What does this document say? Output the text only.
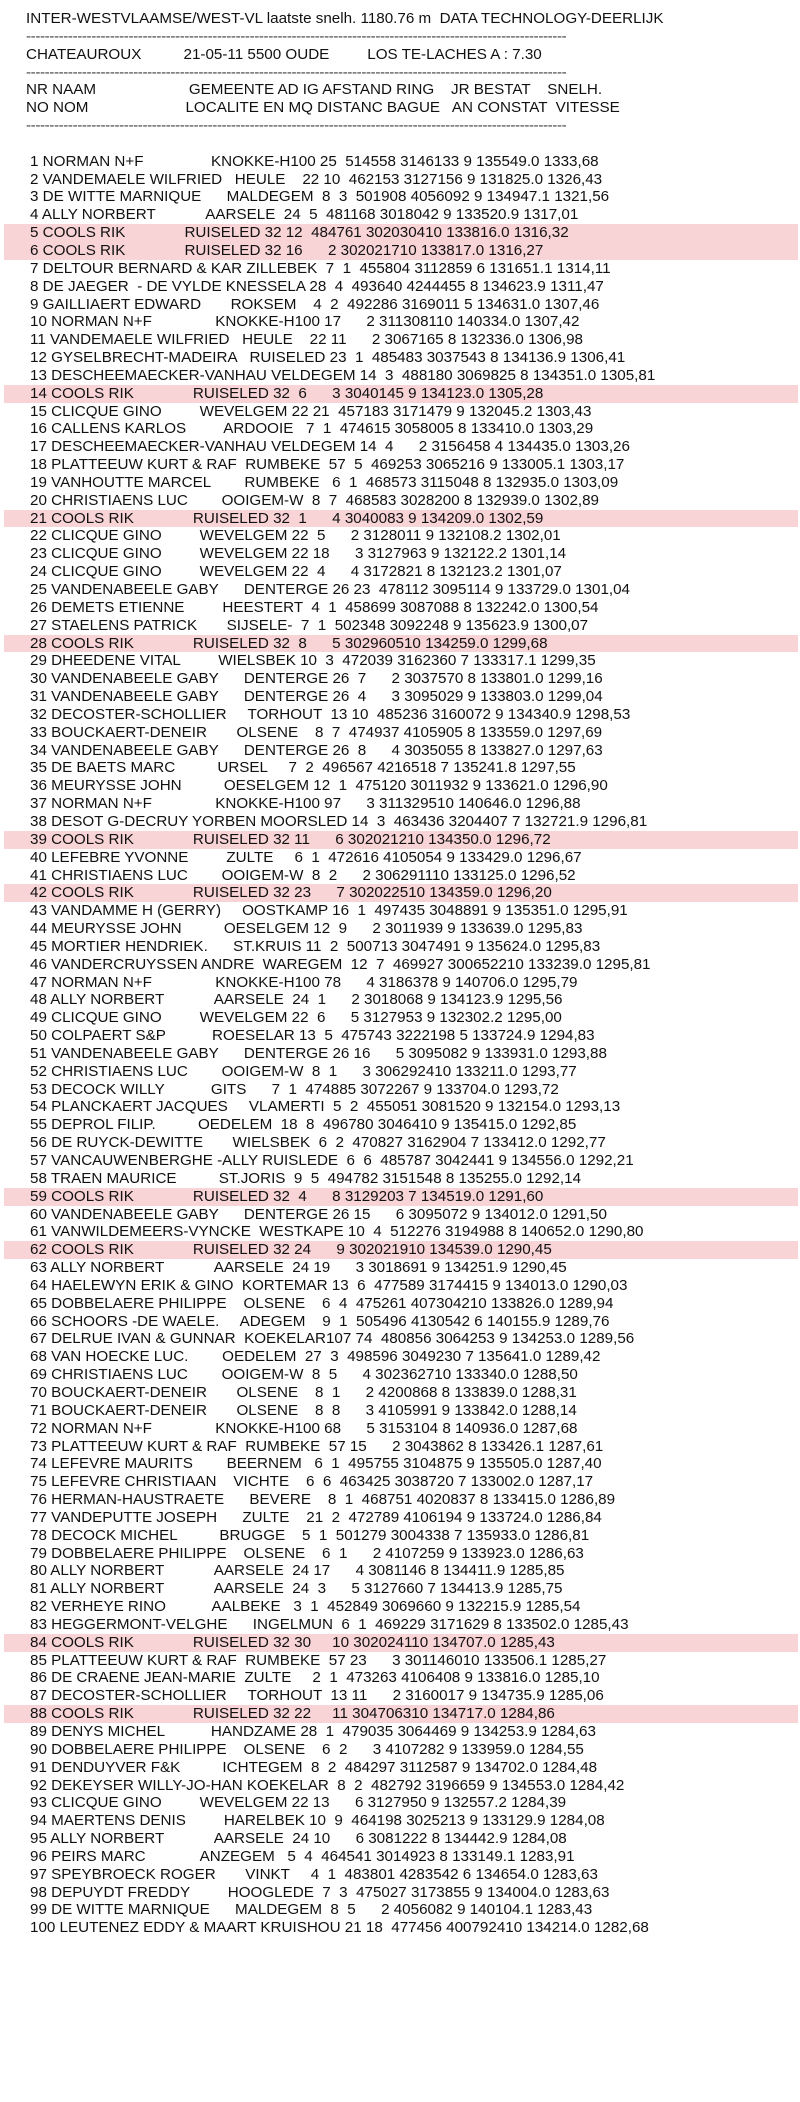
INTER-WESTVLAAMSE/WEST-VL laatste snelh. 1180.76 m  DATA TECHNOLOGY-DEERLIJK
--------------------------------------------------------------------------------------------------------------------
CHATEAUROUX          21-05-11 5500 OUDE         LOS TE-LACHES A : 7.30
--------------------------------------------------------------------------------------------------------------------
NR NAAM                      GEMEENTE AD IG AFSTAND RING    JR BESTAT    SNELH.
NO NOM                       LOCALITE EN MQ DISTANC BAGUE   AN CONSTAT  VITESSE
--------------------------------------------------------------------------------------------------------------------
1 NORMAN N+F                KNOKKE-H100 25  514558 3146133 9 135549.0 1333,68
2 VANDEMAELE WILFRIED   HEULE    22 10  462153 3127156 9 131825.0 1326,43
3 DE WITTE MARNIQUE      MALDEGEM  8  3  501908 4056092 9 134947.1 1321,56
4 ALLY NORBERT            AARSELE  24  5  481168 3018042 9 133520.9 1317,01
5 COOLS RIK              RUISELED 32 12  484761 302030410 133816.0 1316,32
6 COOLS RIK              RUISELED 32 16      2 302021710 133817.0 1316,27
7 DELTOUR BERNARD & KAR ZILLEBEK  7  1  455804 3112859 6 131651.1 1314,11
8 DE JAEGER  - DE VYLDE KNESSELA 28  4  493640 4244455 8 134623.9 1311,47
9 GAILLIAERT EDWARD       ROKSEM    4  2  492286 3169011 5 134631.0 1307,46
10 NORMAN N+F               KNOKKE-H100 17      2 311308110 140334.0 1307,42
11 VANDEMAELE WILFRIED   HEULE    22 11      2 3067165 8 132336.0 1306,98
12 GYSELBRECHT-MADEIRA   RUISELED 23  1  485483 3037543 8 134136.9 1306,41
13 DESCHEEMAECKER-VANHAU VELDEGEM 14  3  488180 3069825 8 134351.0 1305,81
14 COOLS RIK              RUISELED 32  6      3 3040145 9 134123.0 1305,28
15 CLICQUE GINO         WEVELGEM 22 21  457183 3171479 9 132045.2 1303,43
16 CALLENS KARLOS         ARDOOIE   7  1  474615 3058005 8 133410.0 1303,29
17 DESCHEEMAECKER-VANHAU VELDEGEM 14  4      2 3156458 4 134435.0 1303,26
18 PLATTEEUW KURT & RAF  RUMBEKE  57  5  469253 3065216 9 133005.1 1303,17
19 VANHOUTTE MARCEL        RUMBEKE   6  1  468573 3115048 8 132935.0 1303,09
20 CHRISTIAENS LUC        OOIGEM-W  8  7  468583 3028200 8 132939.0 1302,89
21 COOLS RIK              RUISELED 32  1      4 3040083 9 134209.0 1302,59
22 CLICQUE GINO         WEVELGEM 22  5      2 3128011 9 132108.2 1302,01
23 CLICQUE GINO         WEVELGEM 22 18      3 3127963 9 132122.2 1301,14
24 CLICQUE GINO         WEVELGEM 22  4      4 3172821 8 132123.2 1301,07
25 VANDENABEELE GABY      DENTERGE 26 23  478112 3095114 9 133729.0 1301,04
26 DEMETS ETIENNE         HEESTERT  4  1  458699 3087088 8 132242.0 1300,54
27 STAELENS PATRICK       SIJSELE-  7  1  502348 3092248 9 135623.9 1300,07
28 COOLS RIK              RUISELED 32  8      5 302960510 134259.0 1299,68
29 DHEEDENE VITAL         WIELSBEK 10  3  472039 3162360 7 133317.1 1299,35
30 VANDENABEELE GABY      DENTERGE 26  7      2 3037570 8 133801.0 1299,16
31 VANDENABEELE GABY      DENTERGE 26  4      3 3095029 9 133803.0 1299,04
32 DECOSTER-SCHOLLIER     TORHOUT  13 10  485236 3160072 9 134340.9 1298,53
33 BOUCKAERT-DENEIR       OLSENE    8  7  474937 4105905 8 133559.0 1297,69
34 VANDENABEELE GABY      DENTERGE 26  8      4 3035055 8 133827.0 1297,63
35 DE BAETS MARC          URSEL     7  2  496567 4216518 7 135241.8 1297,55
36 MEURYSSE JOHN          OESELGEM 12  1  475120 3011932 9 133621.0 1296,90
37 NORMAN N+F               KNOKKE-H100 97      3 311329510 140646.0 1296,88
38 DESOT G-DECRUY YORBEN MOORSLED 14  3  463436 3204407 7 132721.9 1296,81
39 COOLS RIK              RUISELED 32 11      6 302021210 134350.0 1296,72
40 LEFEBRE YVONNE         ZULTE     6  1  472616 4105054 9 133429.0 1296,67
41 CHRISTIAENS LUC        OOIGEM-W  8  2      2 306291110 133125.0 1296,52
42 COOLS RIK              RUISELED 32 23      7 302022510 134359.0 1296,20
43 VANDAMME H (GERRY)     OOSTKAMP 16  1  497435 3048891 9 135351.0 1295,91
44 MEURYSSE JOHN          OESELGEM 12  9      2 3011939 9 133639.0 1295,83
45 MORTIER HENDRIEK.      ST.KRUIS 11  2  500713 3047491 9 135624.0 1295,83
46 VANDERCRUYSSEN ANDRE  WAREGEM  12  7  469927 300652210 133239.0 1295,81
47 NORMAN N+F               KNOKKE-H100 78      4 3186378 9 140706.0 1295,79
48 ALLY NORBERT            AARSELE  24  1      2 3018068 9 134123.9 1295,56
49 CLICQUE GINO         WEVELGEM 22  6      5 3127953 9 132302.2 1295,00
50 COLPAERT S&P           ROESELAR 13  5  475743 3222198 5 133724.9 1294,83
51 VANDENABEELE GABY      DENTERGE 26 16      5 3095082 9 133931.0 1293,88
52 CHRISTIAENS LUC        OOIGEM-W  8  1      3 306292410 133211.0 1293,77
53 DECOCK WILLY           GITS      7  1  474885 3072267 9 133704.0 1293,72
54 PLANCKAERT JACQUES     VLAMERTI  5  2  455051 3081520 9 132154.0 1293,13
55 DEPROL FILIP.          OEDELEM  18  8  496780 3046410 9 135415.0 1292,85
56 DE RUYCK-DEWITTE       WIELSBEK  6  2  470827 3162904 7 133412.0 1292,77
57 VANCAUWENBERGHE -ALLY RUISLEDE  6  6  485787 3042441 9 134556.0 1292,21
58 TRAEN MAURICE          ST.JORIS  9  5  494782 3151548 8 135255.0 1292,14
59 COOLS RIK              RUISELED 32  4      8 3129203 7 134519.0 1291,60
60 VANDENABEELE GABY      DENTERGE 26 15      6 3095072 9 134012.0 1291,50
61 VANWILDEMEERS-VYNCKE  WESTKAPE 10  4  512276 3194988 8 140652.0 1290,80
62 COOLS RIK              RUISELED 32 24      9 302021910 134539.0 1290,45
63 ALLY NORBERT            AARSELE  24 19      3 3018691 9 134251.9 1290,45
64 HAELEWYN ERIK & GINO  KORTEMAR 13  6  477589 3174415 9 134013.0 1290,03
65 DOBBELAERE PHILIPPE    OLSENE    6  4  475261 407304210 133826.0 1289,94
66 SCHOORS -DE WAELE.     ADEGEM    9  1  505496 4130542 6 140155.9 1289,76
67 DELRUE IVAN & GUNNAR  KOEKELAR107 74  480856 3064253 9 134253.0 1289,56
68 VAN HOECKE LUC.        OEDELEM  27  3  498596 3049230 7 135641.0 1289,42
69 CHRISTIAENS LUC        OOIGEM-W  8  5      4 302362710 133340.0 1288,50
70 BOUCKAERT-DENEIR       OLSENE    8  1      2 4200868 8 133839.0 1288,31
71 BOUCKAERT-DENEIR       OLSENE    8  8      3 4105991 9 133842.0 1288,14
72 NORMAN N+F               KNOKKE-H100 68      5 3153104 8 140936.0 1287,68
73 PLATTEEUW KURT & RAF  RUMBEKE  57 15      2 3043862 8 133426.1 1287,61
74 LEFEVRE MAURITS        BEERNEM   6  1  495755 3104875 9 135505.0 1287,40
75 LEFEVRE CHRISTIAAN    VICHTE    6  6  463425 3038720 7 133002.0 1287,17
76 HERMAN-HAUSTRAETE      BEVERE    8  1  468751 4020837 8 133415.0 1286,89
77 VANDEPUTTE JOSEPH      ZULTE    21  2  472789 4106194 9 133724.0 1286,84
78 DECOCK MICHEL          BRUGGE    5  1  501279 3004338 7 135933.0 1286,81
79 DOBBELAERE PHILIPPE    OLSENE    6  1      2 4107259 9 133923.0 1286,63
80 ALLY NORBERT            AARSELE  24 17      4 3081146 8 134411.9 1285,85
81 ALLY NORBERT            AARSELE  24  3      5 3127660 7 134413.9 1285,75
82 VERHEYE RINO           AALBEKE   3  1  452849 3069660 9 132215.9 1285,54
83 HEGGERMONT-VELGHE      INGELMUN  6  1  469229 3171629 8 133502.0 1285,43
84 COOLS RIK              RUISELED 32 30     10 302024110 134707.0 1285,43
85 PLATTEEUW KURT & RAF  RUMBEKE  57 23      3 301146010 133506.1 1285,27
86 DE CRAENE JEAN-MARIE  ZULTE     2  1  473263 4106408 9 133816.0 1285,10
87 DECOSTER-SCHOLLIER     TORHOUT  13 11      2 3160017 9 134735.9 1285,06
88 COOLS RIK              RUISELED 32 22     11 304706310 134717.0 1284,86
89 DENYS MICHEL           HANDZAME 28  1  479035 3064469 9 134253.9 1284,63
90 DOBBELAERE PHILIPPE    OLSENE    6  2      3 4107282 9 133959.0 1284,55
91 DENDUYVER F&K          ICHTEGEM  8  2  484297 3112587 9 134702.0 1284,48
92 DEKEYSER WILLY-JO-HAN KOEKELAR  8  2  482792 3196659 9 134553.0 1284,42
93 CLICQUE GINO         WEVELGEM 22 13      6 3127950 9 132557.2 1284,39
94 MAERTENS DENIS         HARELBEK 10  9  464198 3025213 9 133129.9 1284,08
95 ALLY NORBERT            AARSELE  24 10      6 3081222 8 134442.9 1284,08
96 PEIRS MARC             ANZEGEM   5  4  464541 3014923 8 133149.1 1283,91
97 SPEYBROECK ROGER       VINKT     4  1  483801 4283542 6 134654.0 1283,63
98 DEPUYDT FREDDY         HOOGLEDE  7  3  475027 3173855 9 134004.0 1283,63
99 DE WITTE MARNIQUE      MALDEGEM  8  5      2 4056082 9 140104.1 1283,43
100 LEUTENEZ EDDY & MAART KRUISHOU 21 18  477456 400792410 134214.0 1282,68
